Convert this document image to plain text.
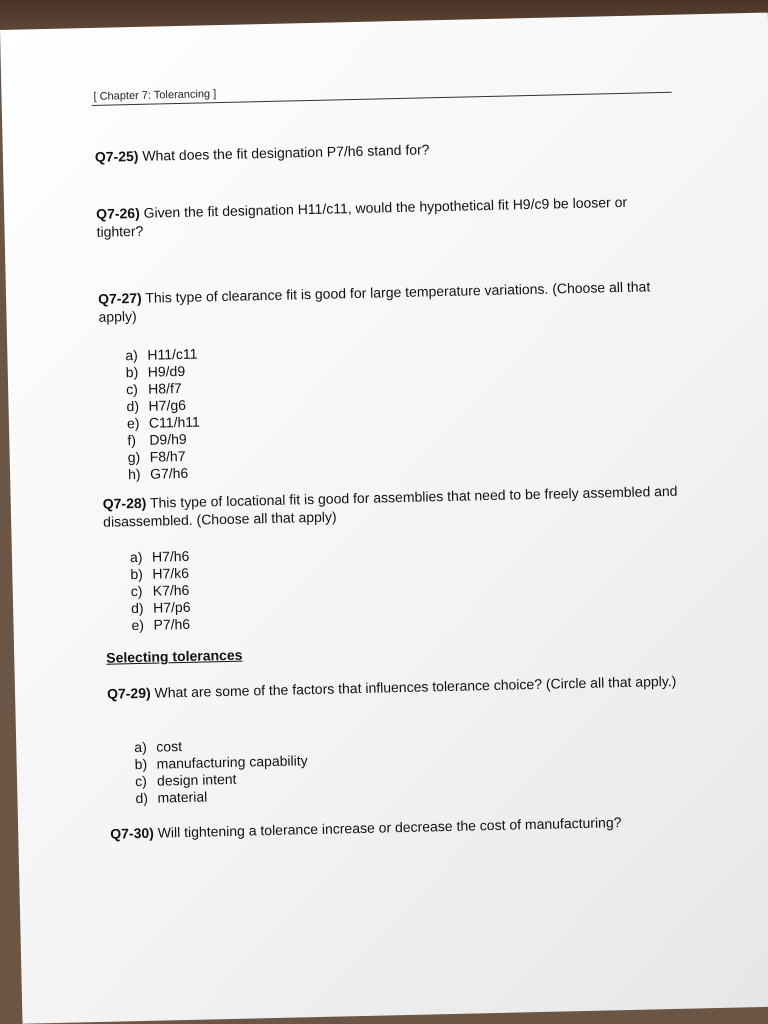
[ Chapter 7: Tolerancing ]
Q7-25) What does the fit designation P7/h6 stand for?
Q7-26) Given the fit designation H11/c11, would the hypothetical fit H9/c9 be looser or tighter?
Q7-27) This type of clearance fit is good for large temperature variations. (Choose all that apply)
a) H11/c11
b) H9/d9
c) H8/f7
d) H7/g6
e) C11/h11
f) D9/h9
g) F8/h7
h) G7/h6
Q7-28) This type of locational fit is good for assemblies that need to be freely assembled and disassembled. (Choose all that apply)
a) H7/h6
b) H7/k6
c) K7/h6
d) H7/p6
e) P7/h6
Selecting tolerances
Q7-29) What are some of the factors that influences tolerance choice? (Circle all that apply.)
a) cost
b) manufacturing capability
c) design intent
d) material
Q7-30) Will tightening a tolerance increase or decrease the cost of manufacturing?
